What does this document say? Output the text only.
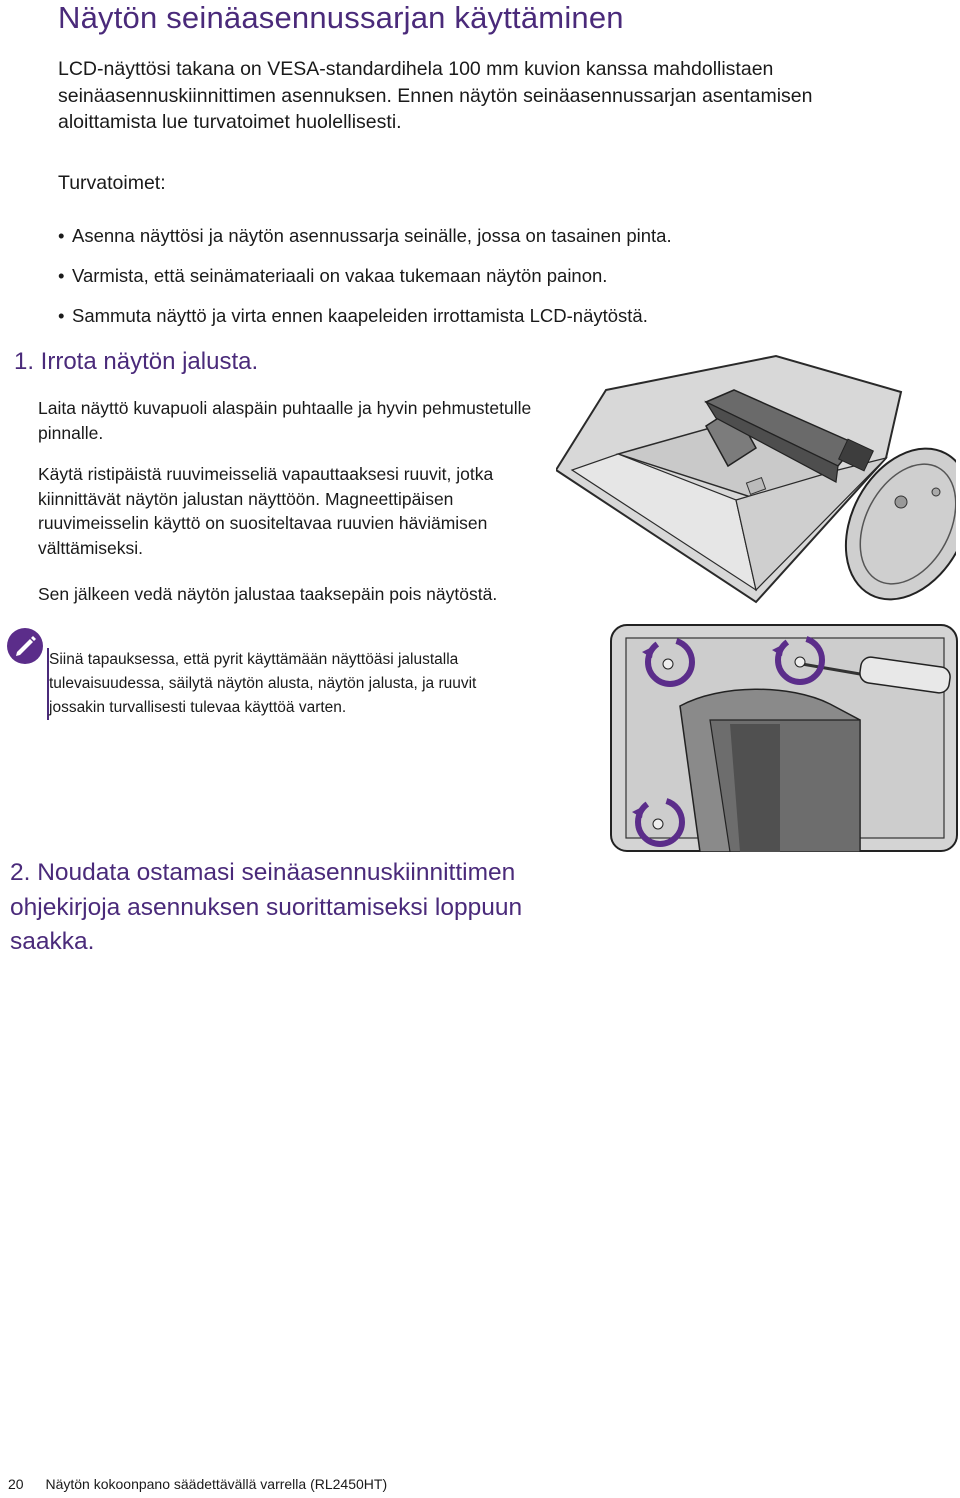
Näytön seinäasennussarjan käyttäminen
LCD-näyttösi takana on VESA-standardihela 100 mm kuvion kanssa mahdollistaen seinäasennuskiinnittimen asennuksen. Ennen näytön seinäasennussarjan asentamisen aloittamista lue turvatoimet huolellisesti.
Turvatoimet:
• Asenna näyttösi ja näytön asennussarja seinälle, jossa on tasainen pinta.
• Varmista, että seinämateriaali on vakaa tukemaan näytön painon.
• Sammuta näyttö ja virta ennen kaapeleiden irrottamista LCD-näytöstä.
1. Irrota näytön jalusta.
Laita näyttö kuvapuoli alaspäin puhtaalle ja hyvin pehmustetulle pinnalle.
Käytä ristipäistä ruuvimeisseliä vapauttaaksesi ruuvit, jotka kiinnittävät näytön jalustan näyttöön. Magneettipäisen ruuvimeisselin käyttö on suositeltavaa ruuvien häviämisen välttämiseksi.
Sen jälkeen vedä näytön jalustaa taaksepäin pois näytöstä.
Siinä tapauksessa, että pyrit käyttämään näyttöäsi jalustalla
tulevaisuudessa, säilytä näytön alusta, näytön jalusta, ja ruuvit
jossakin turvallisesti tulevaa käyttöä varten.
2. Noudata ostamasi seinäasennuskiinnittimen ohjekirjoja asennuksen suorittamiseksi loppuun saakka.
20 Näytön kokoonpano säädettävällä varrella (RL2450HT)
